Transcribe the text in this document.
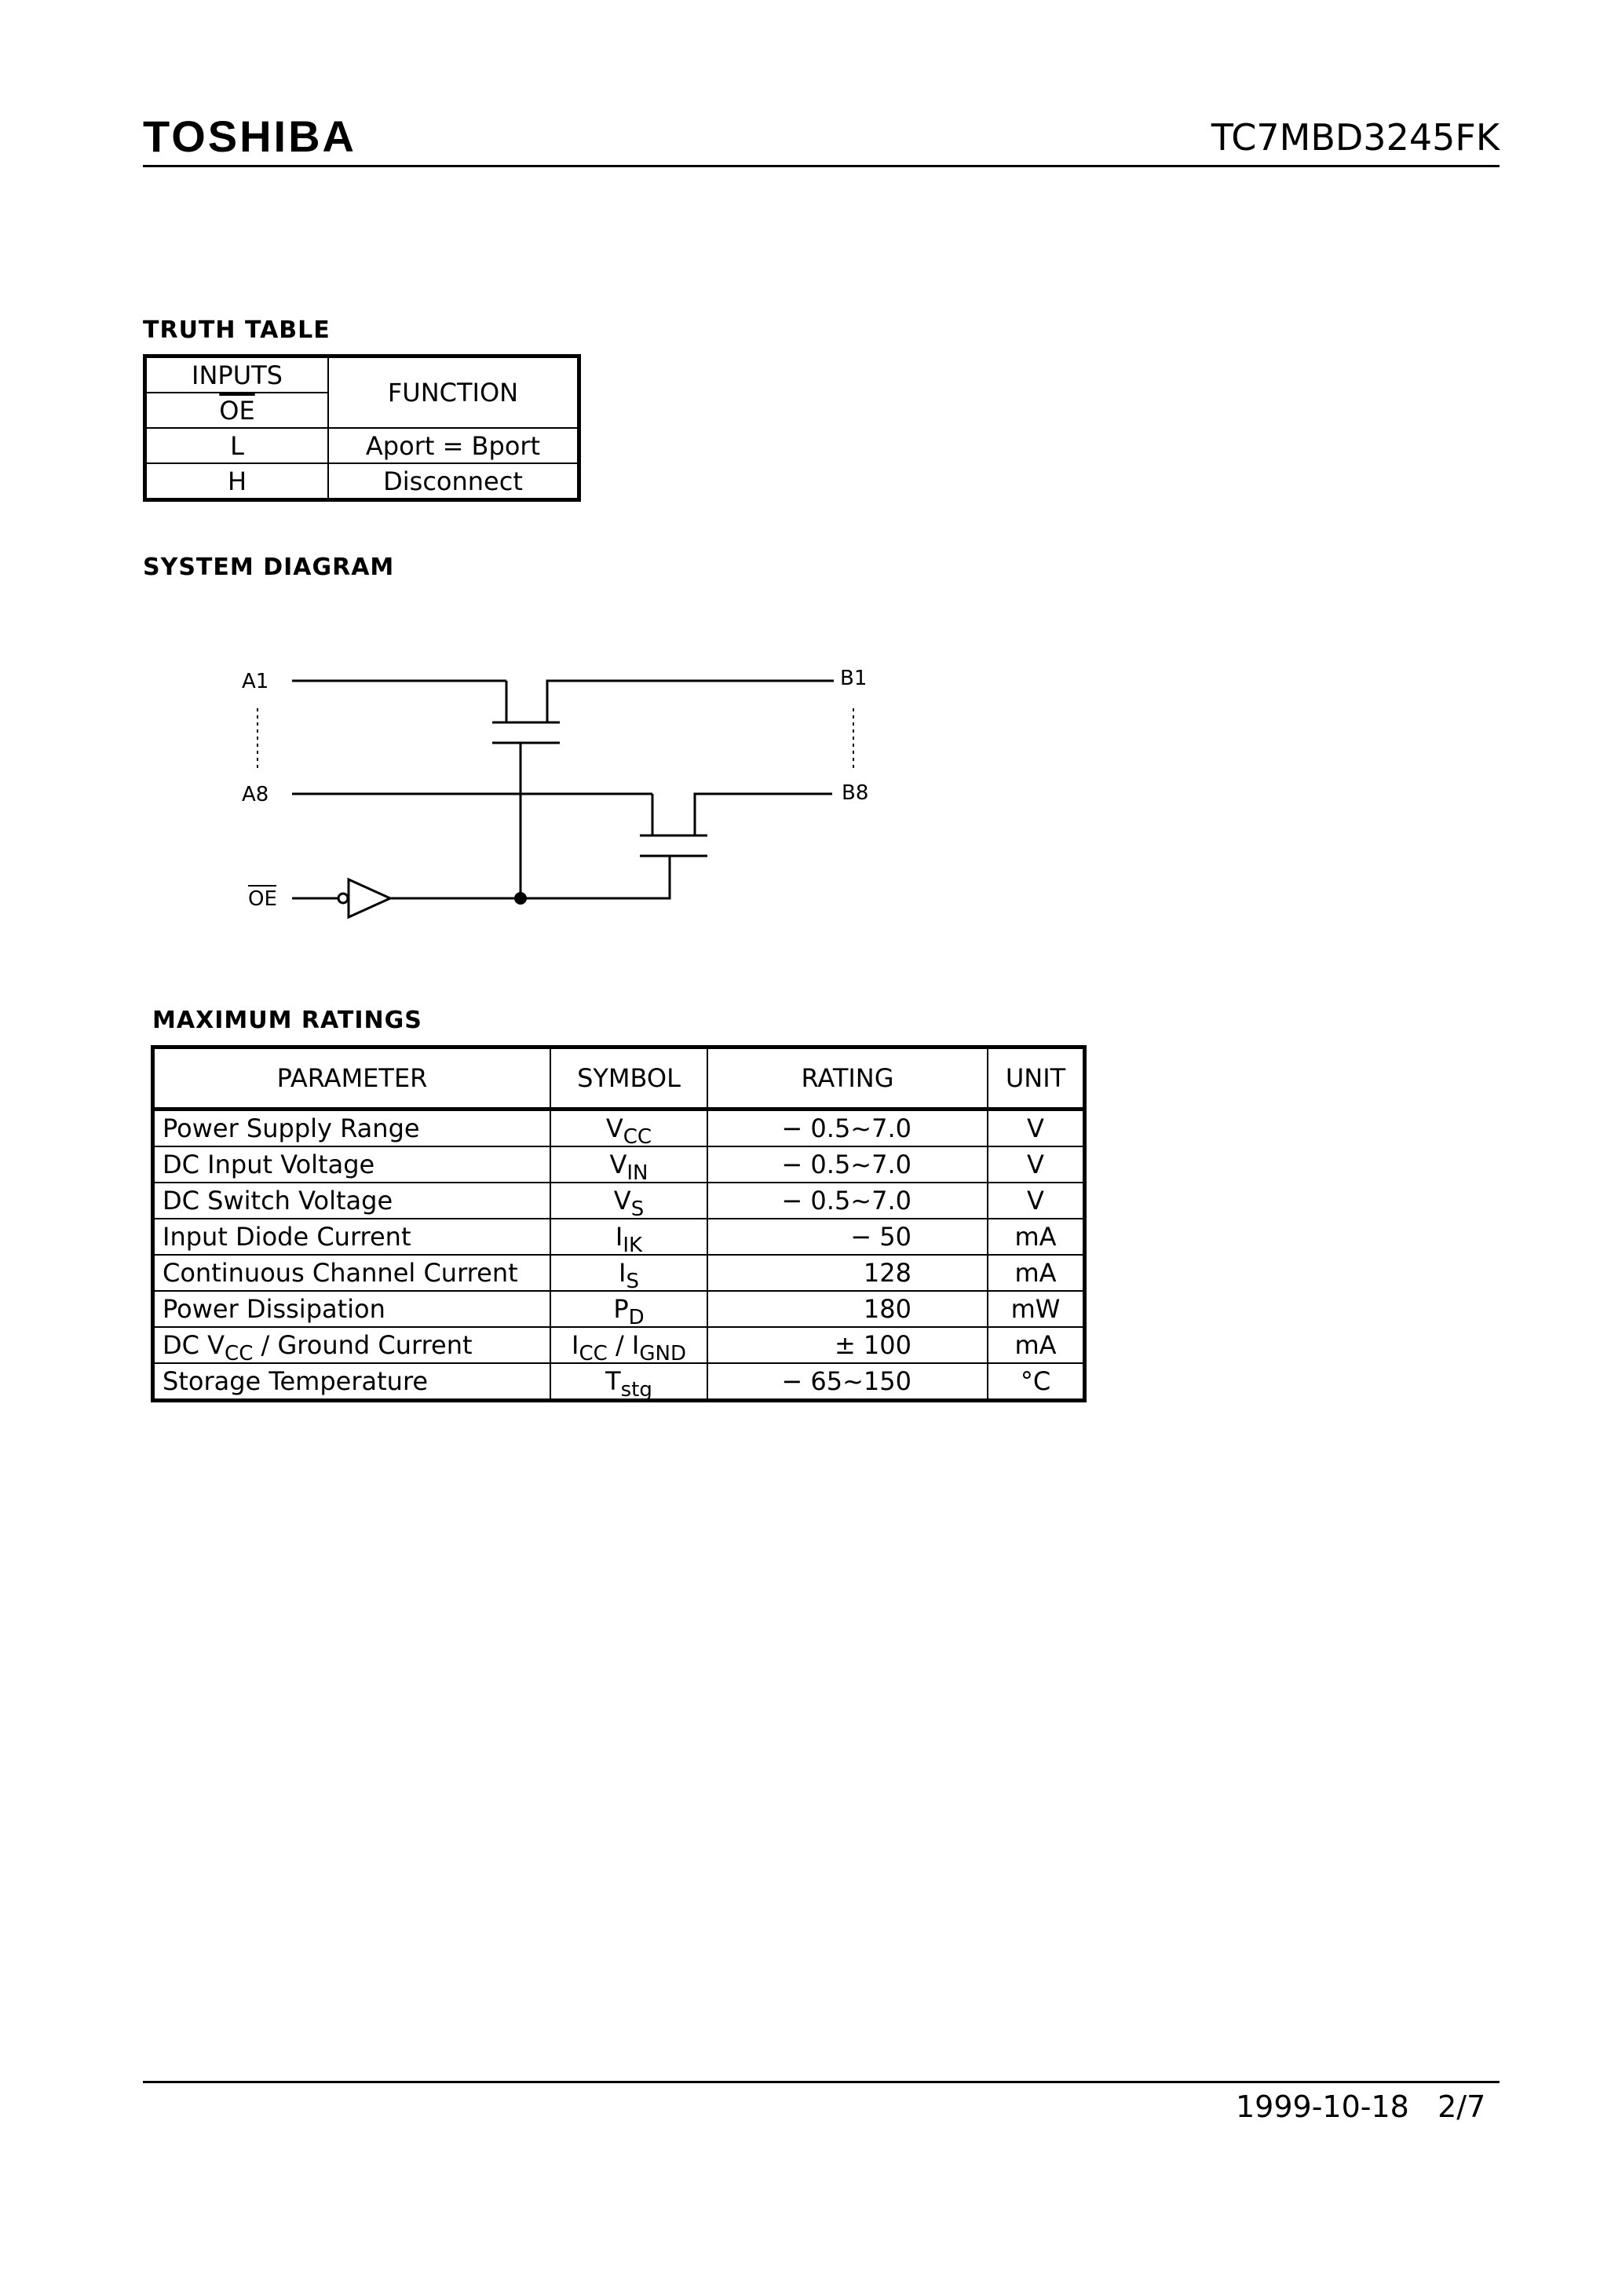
TOSHIBA	TC7MBD3245FK
TRUTH TABLE
INPUTS	FUNCTION
$\overline{OE}$
L	Aport = Bport
H	Disconnect
SYSTEM DIAGRAM
A1
A8
B1
B8
OE
MAXIMUM RATINGS
PARAMETER	SYMBOL	RATING	UNIT
Power Supply Range	$V_{CC}$	− 0.5~7.0	V
DC Input Voltage	$V_{IN}$	− 0.5~7.0	V
DC Switch Voltage	$V_S$	− 0.5~7.0	V
Input Diode Current	$I_{IK}$	− 50	mA
Continuous Channel Current	$I_S$	128	mA
Power Dissipation	$P_D$	180	mW
DC $V_{CC}$ / Ground Current	$I_{CC} / I_{GND}$	± 100	mA
Storage Temperature	$T_{stg}$	− 65~150	°C
1999-10-18 2/7
